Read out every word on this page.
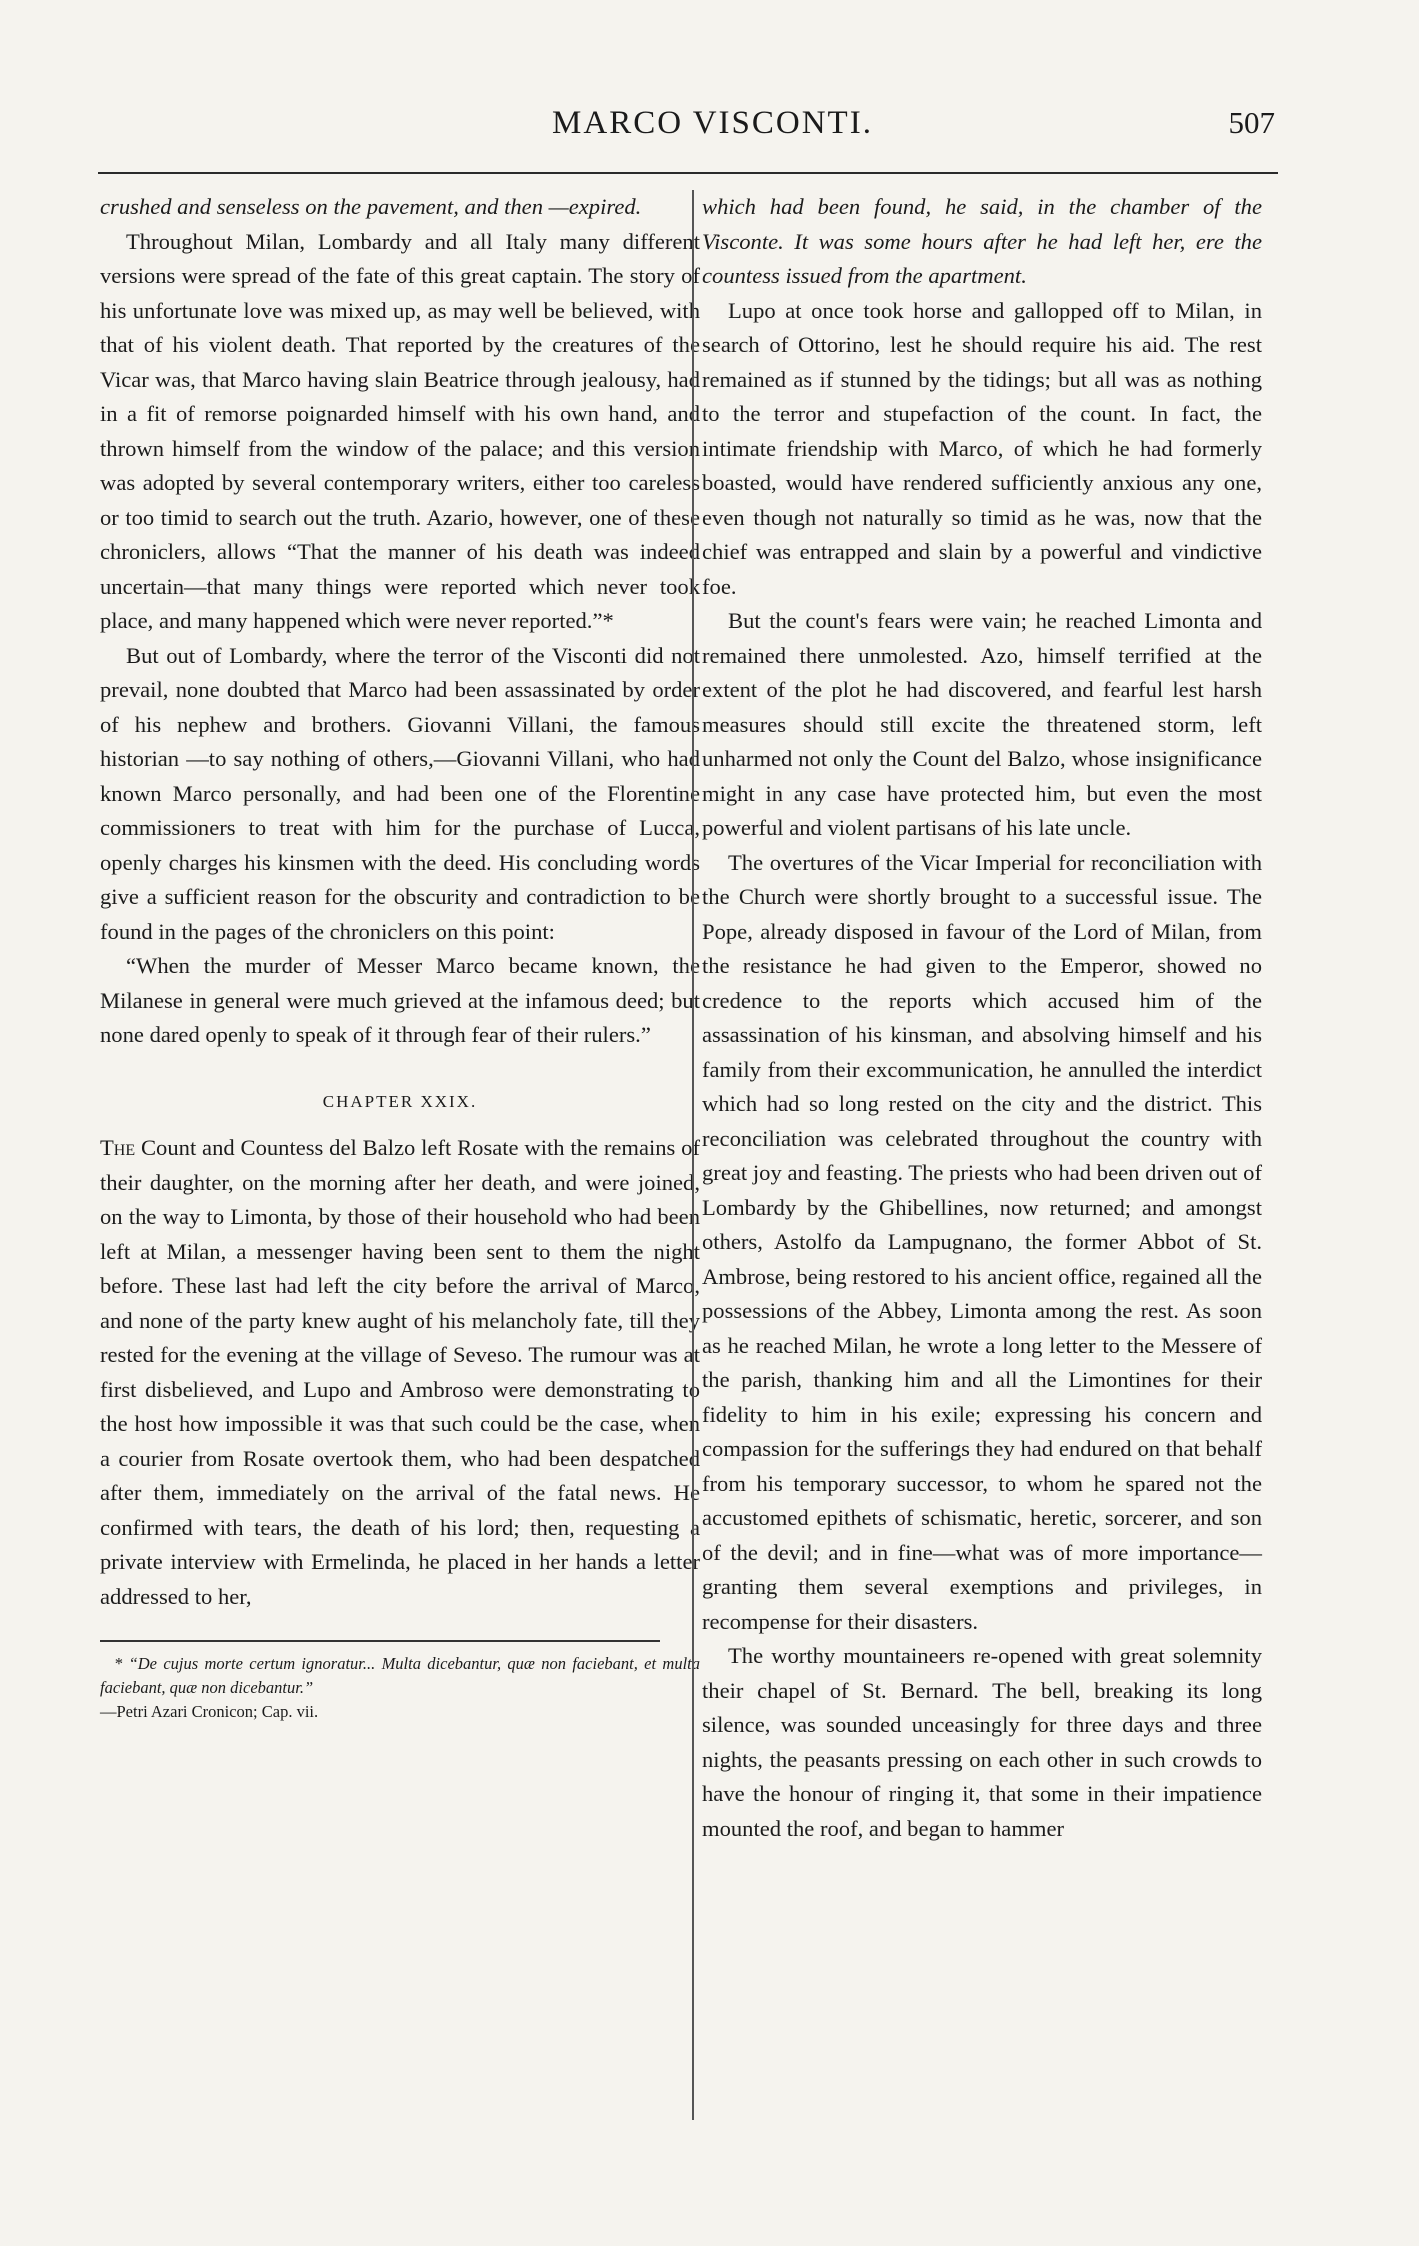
MARCO VISCONTI.	507

crushed and senseless on the pavement, and then —expired.

Throughout Milan, Lombardy and all Italy many different versions were spread of the fate of this great captain. The story of his unfortunate love was mixed up, as may well be believed, with that of his violent death. That reported by the creatures of the Vicar was, that Marco having slain Beatrice through jealousy, had in a fit of remorse poignarded himself with his own hand, and thrown himself from the window of the palace; and this version was adopted by several contemporary writers, either too careless or too timid to search out the truth. Azario, however, one of these chroniclers, allows “That the manner of his death was indeed uncertain—that many things were reported which never took place, and many happened which were never reported.”*

But out of Lombardy, where the terror of the Visconti did not prevail, none doubted that Marco had been assassinated by order of his nephew and brothers. Giovanni Villani, the famous historian —to say nothing of others,—Giovanni Villani, who had known Marco personally, and had been one of the Florentine commissioners to treat with him for the purchase of Lucca, openly charges his kinsmen with the deed. His concluding words give a sufficient reason for the obscurity and contradiction to be found in the pages of the chroniclers on this point:

“When the murder of Messer Marco became known, the Milanese in general were much grieved at the infamous deed; but none dared openly to speak of it through fear of their rulers.”

CHAPTER XXIX.

The Count and Countess del Balzo left Rosate with the remains of their daughter, on the morning after her death, and were joined, on the way to Limonta, by those of their household who had been left at Milan, a messenger having been sent to them the night before. These last had left the city before the arrival of Marco, and none of the party knew aught of his melancholy fate, till they rested for the evening at the village of Seveso. The rumour was at first disbelieved, and Lupo and Ambroso were demonstrating to the host how impossible it was that such could be the case, when a courier from Rosate overtook them, who had been despatched after them, immediately on the arrival of the fatal news. He confirmed with tears, the death of his lord; then, requesting a private interview with Ermelinda, he placed in her hands a letter addressed to her,

* “De cujus morte certum ignoratur... Multa dicebantur, quæ non faciebant, et multa faciebant, quæ non dicebantur.”
—Petri Azari Cronicon; Cap. vii.

which had been found, he said, in the chamber of the Visconte. It was some hours after he had left her, ere the countess issued from the apartment.

Lupo at once took horse and gallopped off to Milan, in search of Ottorino, lest he should require his aid. The rest remained as if stunned by the tidings; but all was as nothing to the terror and stupefaction of the count. In fact, the intimate friendship with Marco, of which he had formerly boasted, would have rendered sufficiently anxious any one, even though not naturally so timid as he was, now that the chief was entrapped and slain by a powerful and vindictive foe.

But the count's fears were vain; he reached Limonta and remained there unmolested. Azo, himself terrified at the extent of the plot he had discovered, and fearful lest harsh measures should still excite the threatened storm, left unharmed not only the Count del Balzo, whose insignificance might in any case have protected him, but even the most powerful and violent partisans of his late uncle.

The overtures of the Vicar Imperial for reconciliation with the Church were shortly brought to a successful issue. The Pope, already disposed in favour of the Lord of Milan, from the resistance he had given to the Emperor, showed no credence to the reports which accused him of the assassination of his kinsman, and absolving himself and his family from their excommunication, he annulled the interdict which had so long rested on the city and the district. This reconciliation was celebrated throughout the country with great joy and feasting. The priests who had been driven out of Lombardy by the Ghibellines, now returned; and amongst others, Astolfo da Lampugnano, the former Abbot of St. Ambrose, being restored to his ancient office, regained all the possessions of the Abbey, Limonta among the rest. As soon as he reached Milan, he wrote a long letter to the Messere of the parish, thanking him and all the Limontines for their fidelity to him in his exile; expressing his concern and compassion for the sufferings they had endured on that behalf from his temporary successor, to whom he spared not the accustomed epithets of schismatic, heretic, sorcerer, and son of the devil; and in fine—what was of more importance—granting them several exemptions and privileges, in recompense for their disasters.

The worthy mountaineers re-opened with great solemnity their chapel of St. Bernard. The bell, breaking its long silence, was sounded unceasingly for three days and three nights, the peasants pressing on each other in such crowds to have the honour of ringing it, that some in their impatience mounted the roof, and began to hammer
